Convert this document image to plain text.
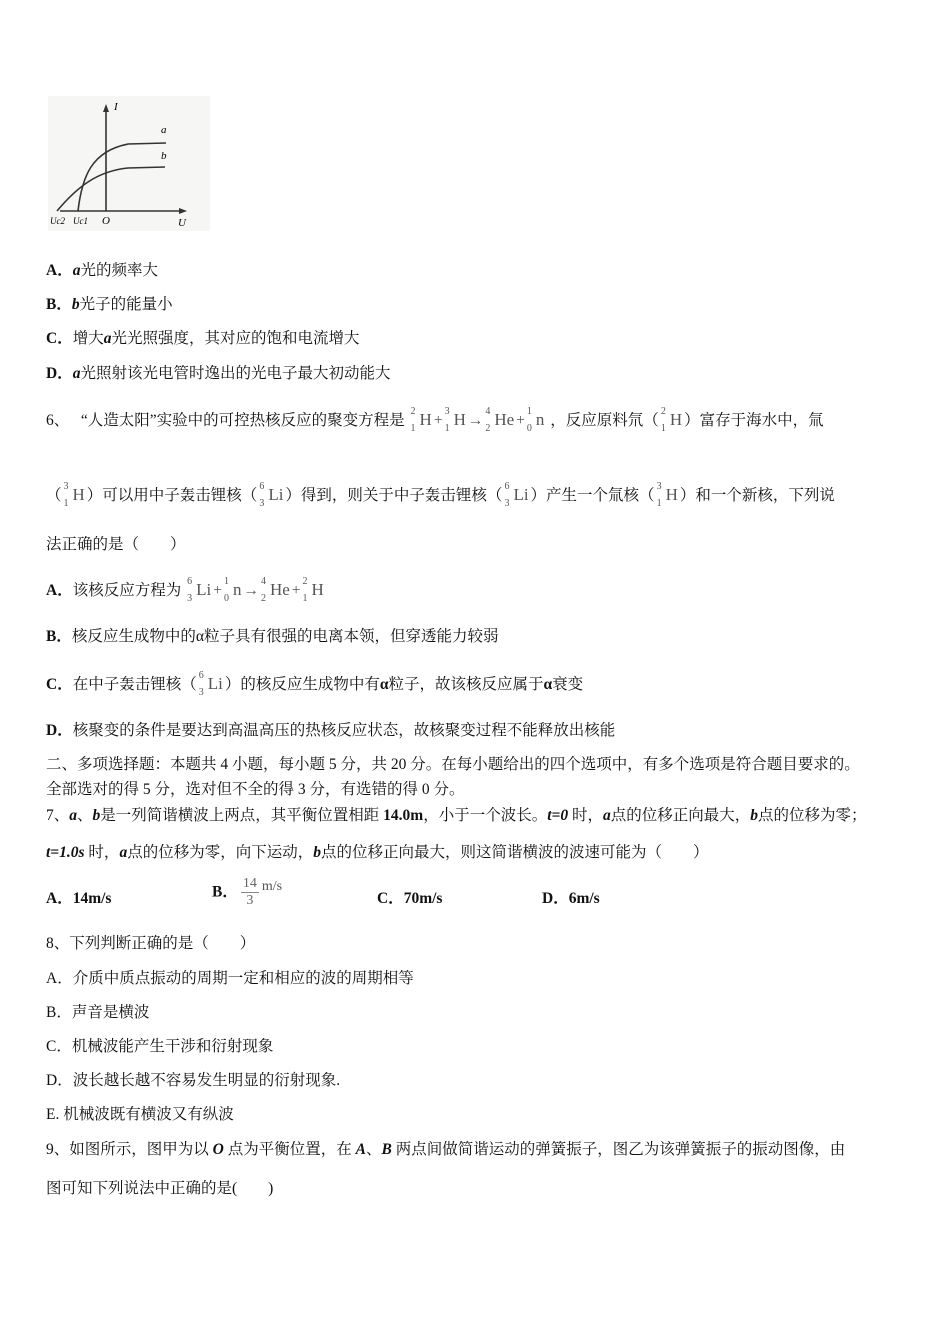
I
a
b
O	U
Uc2 Uc1
A．a光的频率大
B．b光子的能量小
C．增大a光光照强度，其对应的饱和电流增大
D．a光照射该光电管时逸出的光电子最大初动能大
6、 “人造太阳”实验中的可控热核反应的聚变方程是
2
1 H +
3
1 H →
4
2 He +
1
0 n ，反应原料氘（
2
1 H ）富存于海水中，氚
（
3
1 H ）可以用中子轰击锂核（
6
3 Li ）得到，则关于中子轰击锂核（
6
3 Li ）产生一个氚核（
3
1 H ）和一个新核，下列说
法正确的是（　　）
A．该核反应方程为
6
3 Li +
1
0 n →
4
2 He +
2
1 H
B．核反应生成物中的α粒子具有很强的电离本领，但穿透能力较弱
C．在中子轰击锂核（
6
3 Li ）的核反应生成物中有α粒子，故该核反应属于α衰变
D．核聚变的条件是要达到高温高压的热核反应状态，故核聚变过程不能释放出核能
二、多项选择题：本题共 4 小题，每小题 5 分，共 20 分。在每小题给出的四个选项中，有多个选项是符合题目要求的。
全部选对的得 5 分，选对但不全的得 3 分，有选错的得 0 分。
7、a、b是一列简谐横波上两点，其平衡位置相距 14.0m，小于一个波长。t=0 时，a点的位移正向最大，b点的位移为零；
t=1.0s 时，a点的位移为零，向下运动，b点的位移正向最大，则这简谐横波的波速可能为（　　）
A．14m/s	B． $\frac{14}{3} m/s$
C．70m/s	D．6m/s
8、下列判断正确的是（　　）
A．介质中质点振动的周期一定和相应的波的周期相等
B．声音是横波
C．机械波能产生干涉和衍射现象
D．波长越长越不容易发生明显的衍射现象.
E. 机械波既有横波又有纵波
9、如图所示，图甲为以 O 点为平衡位置，在 A、B 两点间做简谐运动的弹簧振子，图乙为该弹簧振子的振动图像，由
图可知下列说法中正确的是(　　)
